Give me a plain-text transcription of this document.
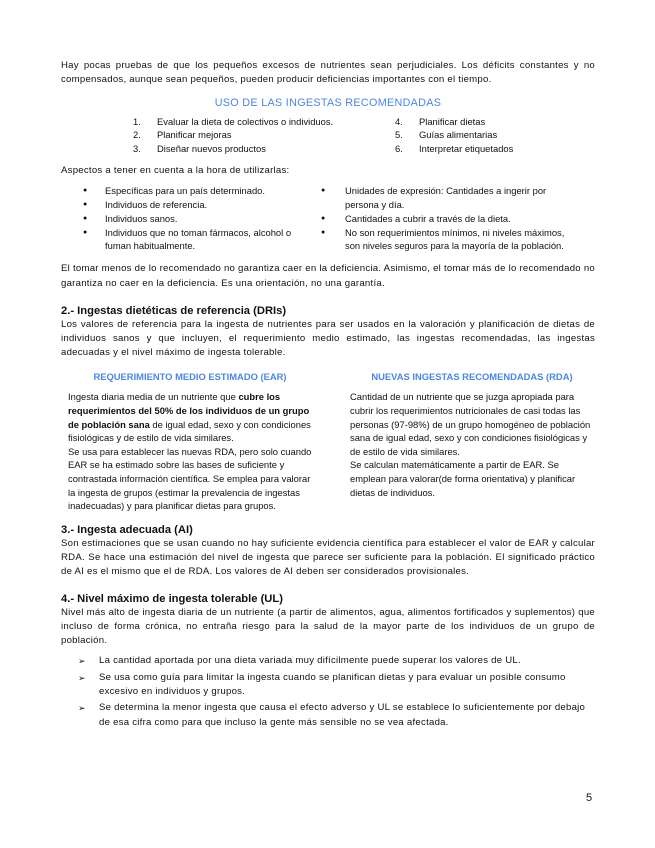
Hay pocas pruebas de que los pequeños excesos de nutrientes sean perjudiciales. Los déficits constantes y no compensados, aunque sean pequeños, pueden producir deficiencias importantes con el tiempo.

USO DE LAS INGESTAS RECOMENDADAS
1.	Evaluar la dieta de colectivos o individuos.
2.	Planificar mejoras
3.	Diseñar nuevos productos
4.	Planificar dietas
5.	Guías alimentarias
6.	Interpretar etiquetados

Aspectos a tener en cuenta a la hora de utilizarlas:

● Específicas para un país determinado.
● Individuos de referencia.
● Individuos sanos.
● Individuos que no toman fármacos, alcohol o fuman habitualmente.
● Unidades de expresión: Cantidades a ingerir por persona y día.
● Cantidades a cubrir a través de la dieta.
● No son requerimientos mínimos, ni niveles máximos, son niveles seguros para la mayoría de la población.

El tomar menos de lo recomendado no garantiza caer en la deficiencia. Asimismo, el tomar más de lo recomendado no garantiza no caer en la deficiencia. Es una orientación, no una garantía.

2.- Ingestas dietéticas de referencia (DRIs)

Los valores de referencia para la ingesta de nutrientes para ser usados en la valoración y planificación de dietas de individuos sanos y que incluyen, el requerimiento medio estimado, las ingestas recomendadas, las ingestas adecuadas y el nivel máximo de ingesta tolerable.

REQUERIMIENTO MEDIO ESTIMADO (EAR)

Ingesta diaria media de un nutriente que cubre los requerimientos del 50% de los individuos de un grupo de población sana de igual edad, sexo y con condiciones fisiológicas y de estilo de vida similares.

Se usa para establecer las nuevas RDA, pero solo cuando EAR se ha estimado sobre las bases de suficiente y contrastada información científica. Se emplea para valorar la ingesta de grupos (estimar la prevalencia de ingestas inadecuadas) y para planificar dietas para grupos.

NUEVAS INGESTAS RECOMENDADAS (RDA)

Cantidad de un nutriente que se juzga apropiada para cubrir los requerimientos nutricionales de casi todas las personas (97-98%) de un grupo homogéneo de población sana de igual edad, sexo y con condiciones fisiológicas y de estilo de vida similares.

Se calculan matemáticamente a partir de EAR. Se emplean para valorar(de forma orientativa) y planificar dietas de individuos.

3.- Ingesta adecuada (AI)

Son estimaciones que se usan cuando no hay suficiente evidencia científica para establecer el valor de EAR y calcular RDA. Se hace una estimación del nivel de ingesta que parece ser suficiente para la población. El significado práctico de AI es el mismo que el de RDA. Los valores de AI deben ser considerados provisionales.

4.- Nivel máximo de ingesta tolerable (UL)

Nivel más alto de ingesta diaria de un nutriente (a partir de alimentos, agua, alimentos fortificados y suplementos) que incluso de forma crónica, no entraña riesgo para la salud de la mayor parte de los individuos de un grupo de población.

➢ La cantidad aportada por una dieta variada muy difícilmente puede superar los valores de UL.
➢ Se usa como guía para limitar la ingesta cuando se planifican dietas y para evaluar un posible consumo excesivo en individuos y grupos.
➢ Se determina la menor ingesta que causa el efecto adverso y UL se establece lo suficientemente por debajo de esa cifra como para que incluso la gente más sensible no se vea afectada.
5
